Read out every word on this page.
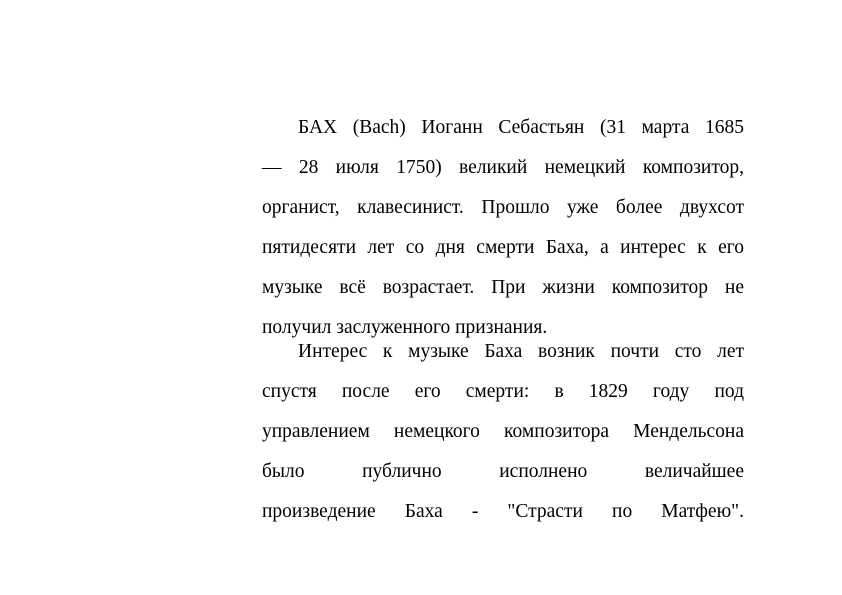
БАХ (Bach) Иоганн Себастьян (31 марта 1685
— 28 июля 1750) великий немецкий композитор,
органист, клавесинист. Прошло уже более двухсот
пятидесяти лет со дня смерти Баха, а интерес к его
музыке всё возрастает. При жизни композитор не
получил заслуженного признания.
Интерес к музыке Баха возник почти сто лет
спустя после его смерти: в 1829 году под
управлением немецкого композитора Мендельсона
было публично исполнено величайшее
произведение Баха - "Страсти по Матфею".
